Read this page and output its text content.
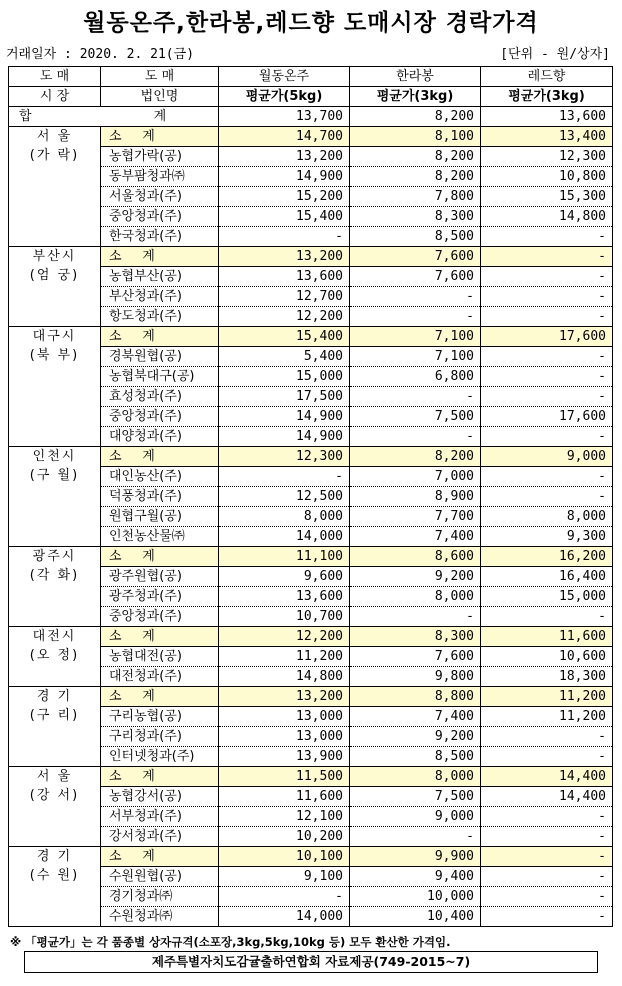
월동온주,한라봉,레드향 도매시장 경락가격
거래일자 : 2020. 2. 21(금)	[단위 - 원/상자]
도 매	도 매	월동온주	한라봉	레드향
시 장	법인명	평균가(5kg)	평균가(3kg)	평균가(3kg)
합 계		13,700	8,200	13,600

서 울
(가 락)	소     계	14,700	8,100	13,400
	농협가락(공)	13,200	8,200	12,300
	동부팜청과㈜	14,900	8,200	10,800
	서울청과(주)	15,200	7,800	15,300
	중앙청과(주)	15,400	8,300	14,800
	한국청과(주)	-	8,500	-

부산시
(엄 궁)	소     계	13,200	7,600	-
	농협부산(공)	13,600	7,600	-
	부산청과(주)	12,700	-	-
	항도청과(주)	12,200	-	-

대구시
(북 부)	소     계	15,400	7,100	17,600
	경북원협(공)	5,400	7,100	-
	농협북대구(공)	15,000	6,800	-
	효성청과(주)	17,500	-	-
	중앙청과(주)	14,900	7,500	17,600
	대양청과(주)	14,900	-	-

인천시
(구 월)	소     계	12,300	8,200	9,000
	대인농산(주)	-	7,000	-
	덕풍청과(주)	12,500	8,900	-
	원협구월(공)	8,000	7,700	8,000
	인천농산물㈜	14,000	7,400	9,300

광주시
(각 화)	소     계	11,100	8,600	16,200
	광주원협(공)	9,600	9,200	16,400
	광주청과(주)	13,600	8,000	15,000
	중앙청과(주)	10,700	-	-

대전시
(오 정)	소     계	12,200	8,300	11,600
	농협대전(공)	11,200	7,600	10,600
	대전청과(주)	14,800	9,800	18,300

경 기
(구 리)	소     계	13,200	8,800	11,200
	구리농협(공)	13,000	7,400	11,200
	구리청과(주)	13,000	9,200	-
	인터넷청과(주)	13,900	8,500	-

서 울
(강 서)	소     계	11,500	8,000	14,400
	농협강서(공)	11,600	7,500	14,400
	서부청과(주)	12,100	9,000	-
	강서청과(주)	10,200	-	-

경 기
(수 원)	소     계	10,100	9,900	-
	수원원협(공)	9,100	9,400	-
	경기청과㈜	-	10,000	-
	수원청과㈜	14,000	10,400	-
※ 「평균가」는 각 품종별 상자규격(소포장,3kg,5kg,10kg 등) 모두 환산한 가격임.
제주특별자치도감귤출하연합회 자료제공(749-2015~7)
